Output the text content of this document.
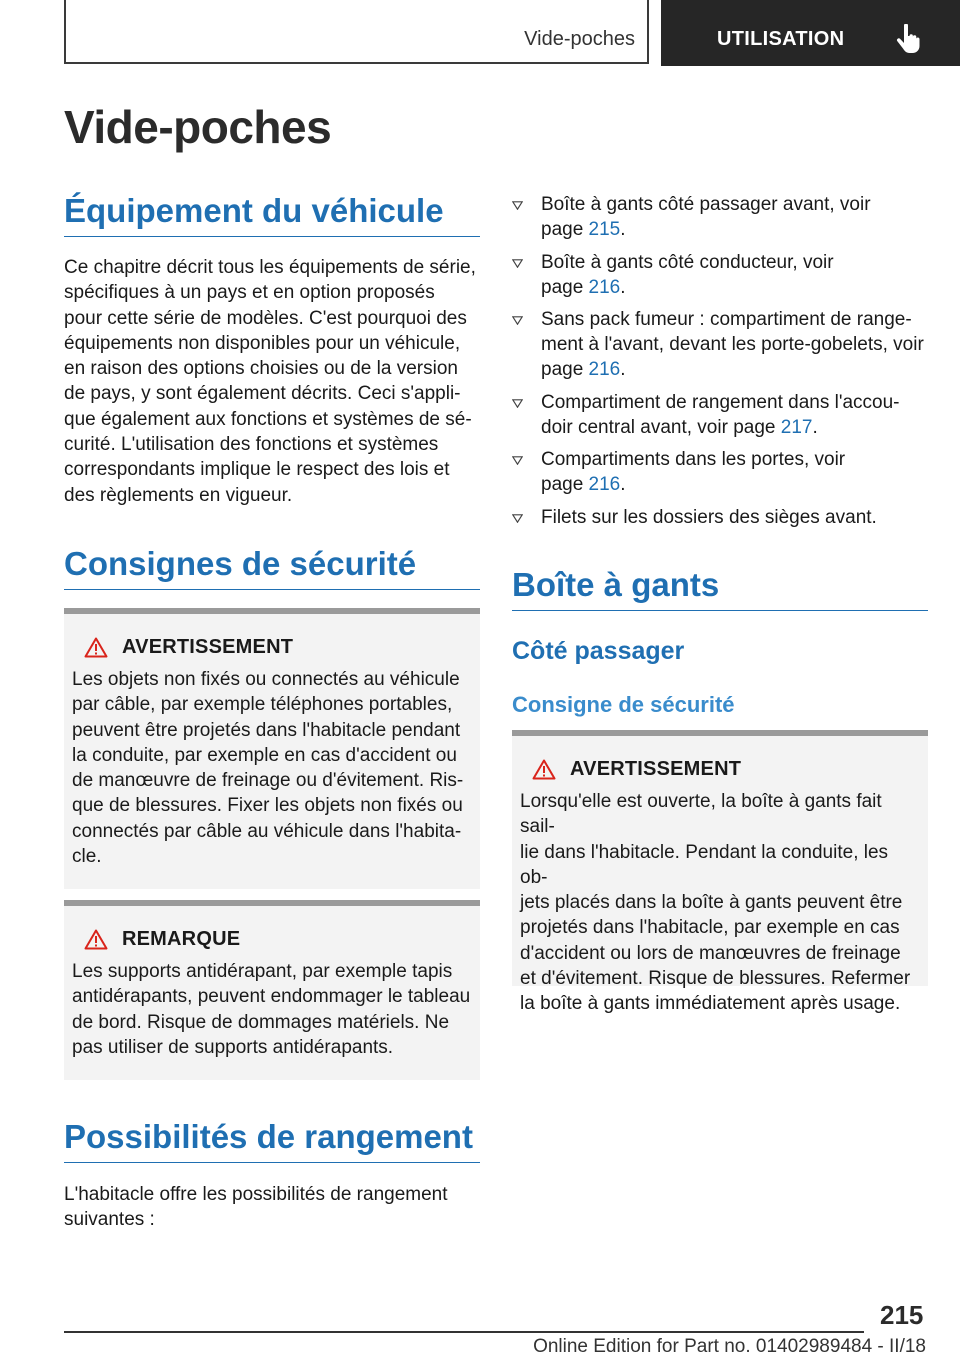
Vide-poches	UTILISATION
Vide-poches
Équipement du véhicule

Ce chapitre décrit tous les équipements de série,
spécifiques à un pays et en option proposés
pour cette série de modèles. C'est pourquoi des
équipements non disponibles pour un véhicule,
en raison des options choisies ou de la version
de pays, y sont également décrits. Ceci s'appli-
que également aux fonctions et systèmes de sé-
curité. L'utilisation des fonctions et systèmes
correspondants implique le respect des lois et
des règlements en vigueur.

Consignes de sécurité
AVERTISSEMENT

Les objets non fixés ou connectés au véhicule
par câble, par exemple téléphones portables,
peuvent être projetés dans l'habitacle pendant
la conduite, par exemple en cas d'accident ou
de manœuvre de freinage ou d'évitement. Ris-
que de blessures. Fixer les objets non fixés ou
connectés par câble au véhicule dans l'habita-
cle.

REMARQUE

Les supports antidérapant, par exemple tapis
antidérapants, peuvent endommager le tableau
de bord. Risque de dommages matériels. Ne
pas utiliser de supports antidérapants.

Possibilités de rangement

L'habitacle offre les possibilités de rangement
suivantes :

Boîte à gants côté passager avant, voir
page 215.
Boîte à gants côté conducteur, voir
page 216.
Sans pack fumeur : compartiment de range-
ment à l'avant, devant les porte-gobelets, voir
page 216.
Compartiment de rangement dans l'accou-
doir central avant, voir page 217.
Compartiments dans les portes, voir
page 216.
Filets sur les dossiers des sièges avant.
Boîte à gants
Côté passager
Consigne de sécurité
AVERTISSEMENT

Lorsqu'elle est ouverte, la boîte à gants fait sail-
lie dans l'habitacle. Pendant la conduite, les ob-
jets placés dans la boîte à gants peuvent être
projetés dans l'habitacle, par exemple en cas
d'accident ou lors de manœuvres de freinage
et d'évitement. Risque de blessures. Refermer
la boîte à gants immédiatement après usage.

215
Online Edition for Part no. 01402989484 - II/18
